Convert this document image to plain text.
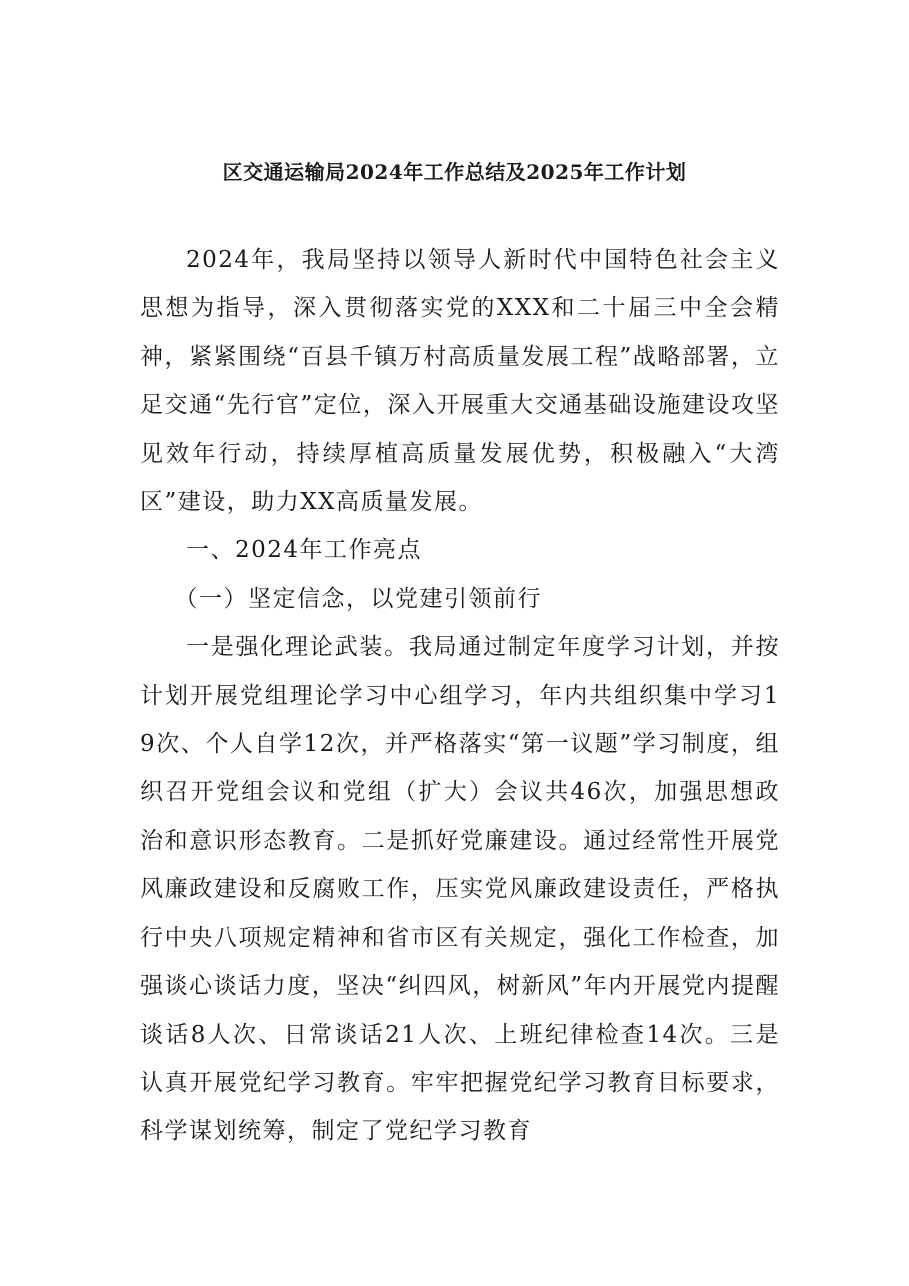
区交通运输局2024年工作总结及2025年工作计划

2024年，我局坚持以领导人新时代中国特色社会主义思想为指导，深入贯彻落实党的XXX和二十届三中全会精神，紧紧围绕“百县千镇万村高质量发展工程”战略部署，立足交通“先行官”定位，深入开展重大交通基础设施建设攻坚见效年行动，持续厚植高质量发展优势，积极融入“大湾区”建设，助力XX高质量发展。

一、2024年工作亮点

（一）坚定信念，以党建引领前行

一是强化理论武装。我局通过制定年度学习计划，并按计划开展党组理论学习中心组学习，年内共组织集中学习19次、个人自学12次，并严格落实“第一议题”学习制度，组织召开党组会议和党组（扩大）会议共46次，加强思想政治和意识形态教育。二是抓好党廉建设。通过经常性开展党风廉政建设和反腐败工作，压实党风廉政建设责任，严格执行中央八项规定精神和省市区有关规定，强化工作检查，加强谈心谈话力度，坚决“纠四风，树新风”年内开展党内提醒谈话8人次、日常谈话21人次、上班纪律检查14次。三是认真开展党纪学习教育。牢牢把握党纪学习教育目标要求，科学谋划统筹，制定了党纪学习教育
